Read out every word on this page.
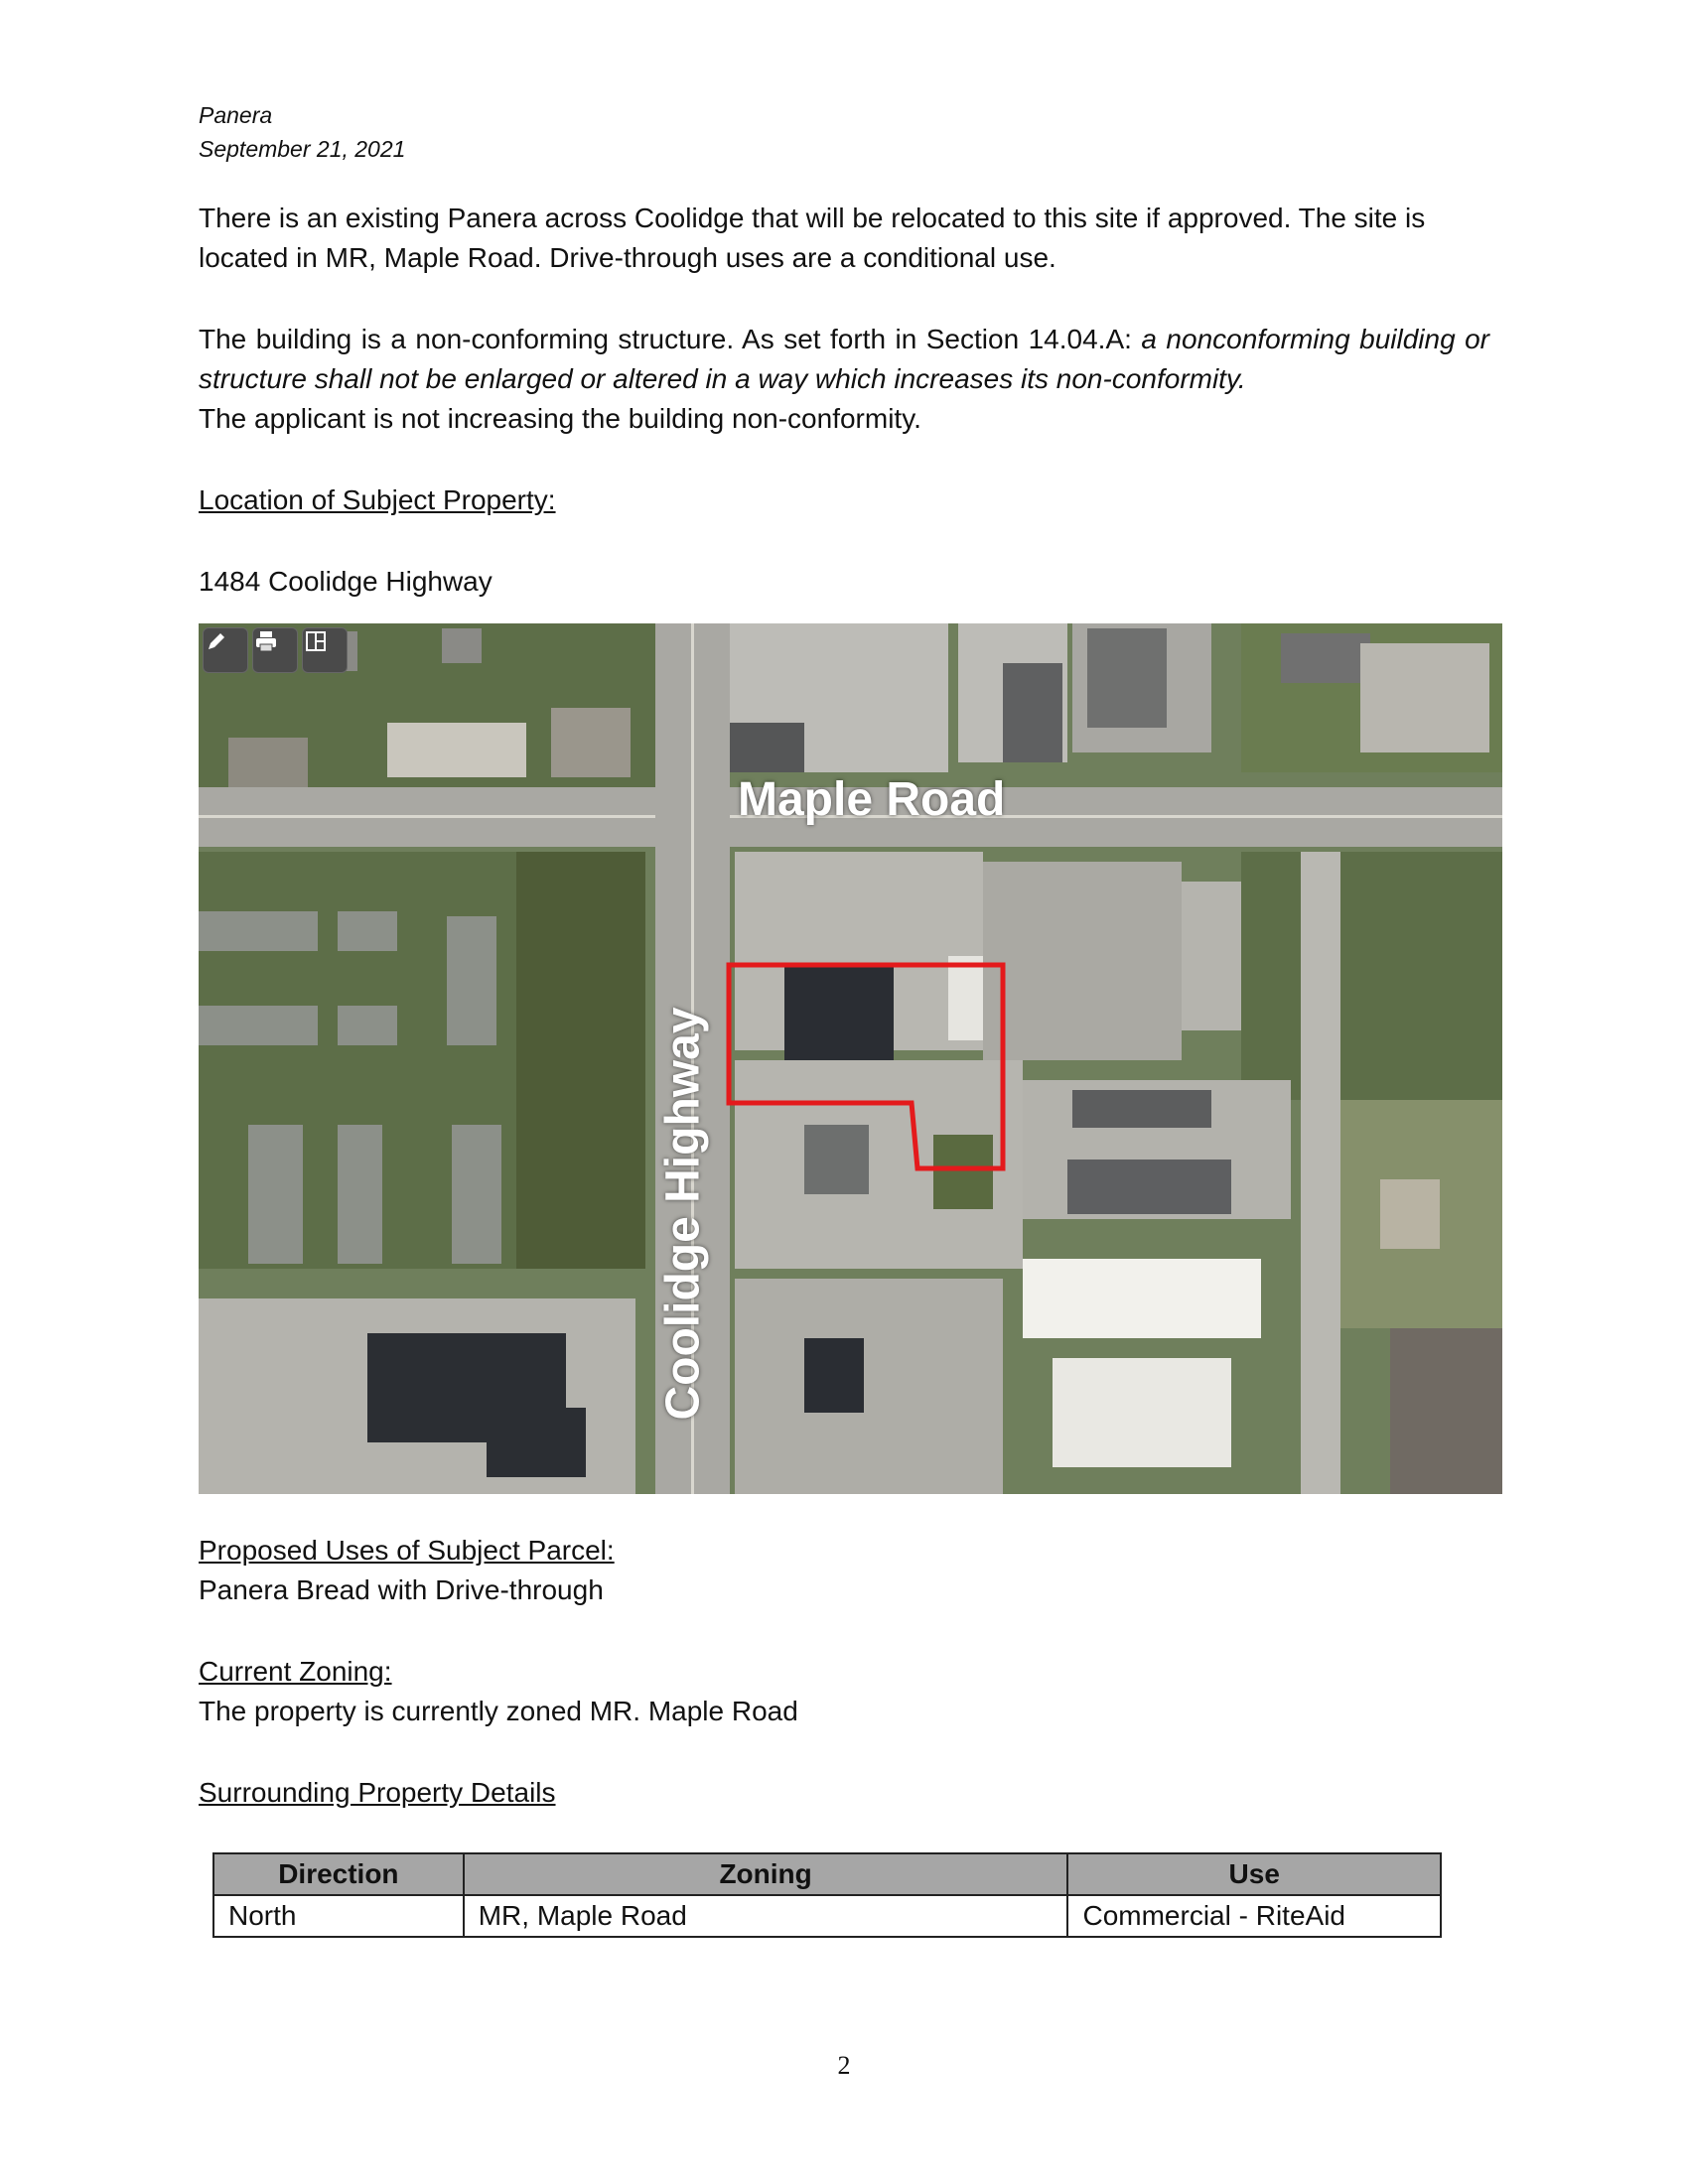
Panera
September 21, 2021

There is an existing Panera across Coolidge that will be relocated to this site if approved. The site is located in MR, Maple Road. Drive-through uses are a conditional use.

The building is a non-conforming structure. As set forth in Section 14.04.A: a nonconforming building or structure shall not be enlarged or altered in a way which increases its non-conformity.

The applicant is not increasing the building non-conformity.

Location of Subject Property:
1484 Coolidge Highway
Maple Road
Coolidge Highway
Proposed Uses of Subject Parcel:
Panera Bread with Drive-through
Current Zoning:
The property is currently zoned MR. Maple Road
Surrounding Property Details
Direction	Zoning	Use
North	MR, Maple Road	Commercial - RiteAid
2
